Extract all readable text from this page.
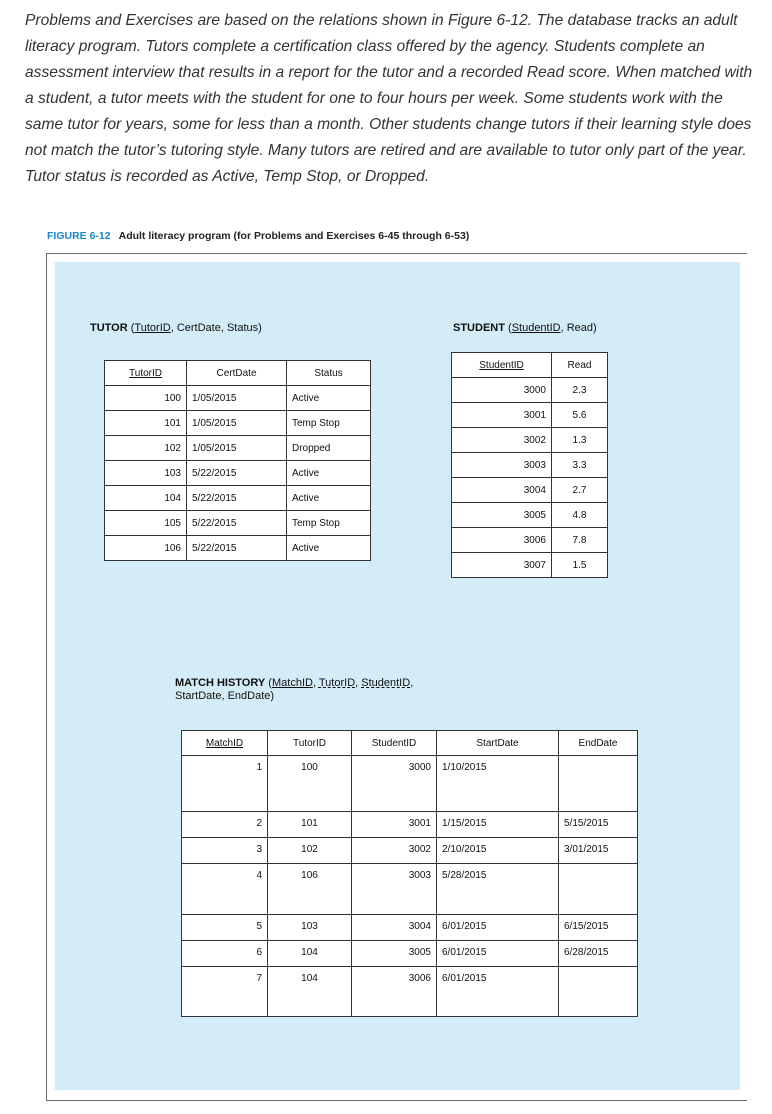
Problems and Exercises are based on the relations shown in Figure 6-12. The database tracks an adult literacy program. Tutors complete a certification class offered by the agency. Students complete an assessment interview that results in a report for the tutor and a recorded Read score. When matched with a student, a tutor meets with the student for one to four hours per week. Some students work with the same tutor for years, some for less than a month. Other students change tutors if their learning style does not match the tutor’s tutoring style. Many tutors are retired and are available to tutor only part of the year. Tutor status is recorded as Active, Temp Stop, or Dropped.

FIGURE 6-12 Adult literacy program (for Problems and Exercises 6-45 through 6-53)
TUTOR (TutorID, CertDate, Status)	STUDENT (StudentID, Read)
MATCH HISTORY (MatchID, TutorID, StudentID,
StartDate, EndDate)
TutorID	CertDate	Status
100	1/05/2015	Active
101	1/05/2015	Temp Stop
102	1/05/2015	Dropped
103	5/22/2015	Active
104	5/22/2015	Active
105	5/22/2015	Temp Stop
106	5/22/2015	Active
StudentID	Read
3000	2.3
3001	5.6
3002	1.3
3003	3.3
3004	2.7
3005	4.8
3006	7.8
3007	1.5
MatchID	TutorID	StudentID	StartDate	EndDate
1	100	3000	1/10/2015	
2	101	3001	1/15/2015	5/15/2015
3	102	3002	2/10/2015	3/01/2015
4	106	3003	5/28/2015	
5	103	3004	6/01/2015	6/15/2015
6	104	3005	6/01/2015	6/28/2015
7	104	3006	6/01/2015	
